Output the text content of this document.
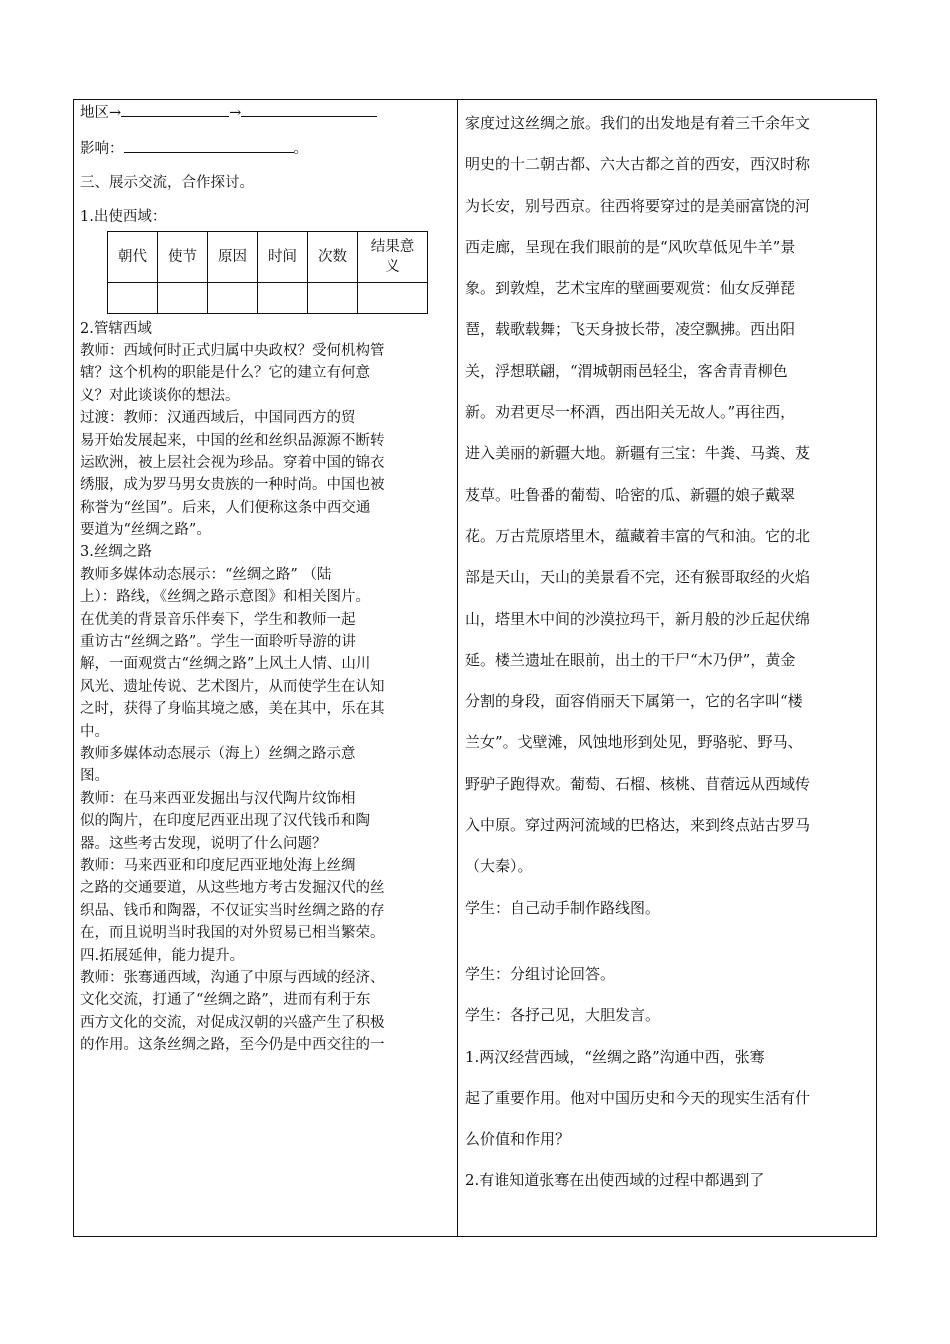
地区→	→
影响：	。
三、展示交流，合作探讨。
1.出使西域：
朝代	使节	原因	时间	次数	结果意义

2.管辖西域
教师：西域何时正式归属中央政权？受何机构管
辖？这个机构的职能是什么？它的建立有何意
义？对此谈谈你的想法。
过渡：教师：汉通西域后，中国同西方的贸
易开始发展起来，中国的丝和丝织品源源不断转
运欧洲，被上层社会视为珍品。穿着中国的锦衣
绣服，成为罗马男女贵族的一种时尚。中国也被
称誉为“丝国”。后来，人们便称这条中西交通
要道为“丝绸之路”。
3.丝绸之路
教师多媒体动态展示：“丝绸之路” （陆
上）：路线，《丝绸之路示意图》和相关图片。
在优美的背景音乐伴奏下，学生和教师一起
重访古“丝绸之路”。学生一面聆听导游的讲
解，一面观赏古“丝绸之路”上风土人情、山川
风光、遗址传说、艺术图片，从而使学生在认知
之时，获得了身临其境之感，美在其中，乐在其
中。
教师多媒体动态展示（海上）丝绸之路示意
图。
教师：在马来西亚发掘出与汉代陶片纹饰相
似的陶片，在印度尼西亚出现了汉代钱币和陶
器。这些考古发现，说明了什么问题？
教师：马来西亚和印度尼西亚地处海上丝绸
之路的交通要道，从这些地方考古发掘汉代的丝
织品、钱币和陶器，不仅证实当时丝绸之路的存
在，而且说明当时我国的对外贸易已相当繁荣。
四.拓展延伸，能力提升。
教师：张骞通西域，沟通了中原与西域的经济、
文化交流，打通了“丝绸之路”，进而有利于东
西方文化的交流，对促成汉朝的兴盛产生了积极
的作用。这条丝绸之路，至今仍是中西交往的一
家度过这丝绸之旅。我们的出发地是有着三千余年文
明史的十二朝古都、六大古都之首的西安，西汉时称
为长安，别号西京。往西将要穿过的是美丽富饶的河
西走廊，呈现在我们眼前的是“风吹草低见牛羊”景
象。到敦煌，艺术宝库的壁画要观赏：仙女反弹琵
琶，载歌载舞；飞天身披长带，凌空飘拂。西出阳
关，浮想联翩，“渭城朝雨邑轻尘，客舍青青柳色
新。劝君更尽一杯酒，西出阳关无故人。”再往西，
进入美丽的新疆大地。新疆有三宝：牛粪、马粪、芨
芨草。吐鲁番的葡萄、哈密的瓜、新疆的娘子戴翠
花。万古荒原塔里木，蕴藏着丰富的气和油。它的北
部是天山，天山的美景看不完，还有猴哥取经的火焰
山，塔里木中间的沙漠拉玛干，新月般的沙丘起伏绵
延。楼兰遗址在眼前，出土的干尸“木乃伊”，黄金
分割的身段，面容俏丽天下属第一，它的名字叫“楼
兰女”。戈壁滩，风蚀地形到处见，野骆驼、野马、
野驴子跑得欢。葡萄、石榴、核桃、苜蓿远从西域传
入中原。穿过两河流域的巴格达，来到终点站古罗马
（大秦）。
学生：自己动手制作路线图。
学生：分组讨论回答。
学生：各抒己见，大胆发言。
1.两汉经营西域，“丝绸之路”沟通中西，张骞
起了重要作用。他对中国历史和今天的现实生活有什
么价值和作用？
2.有谁知道张骞在出使西域的过程中都遇到了
